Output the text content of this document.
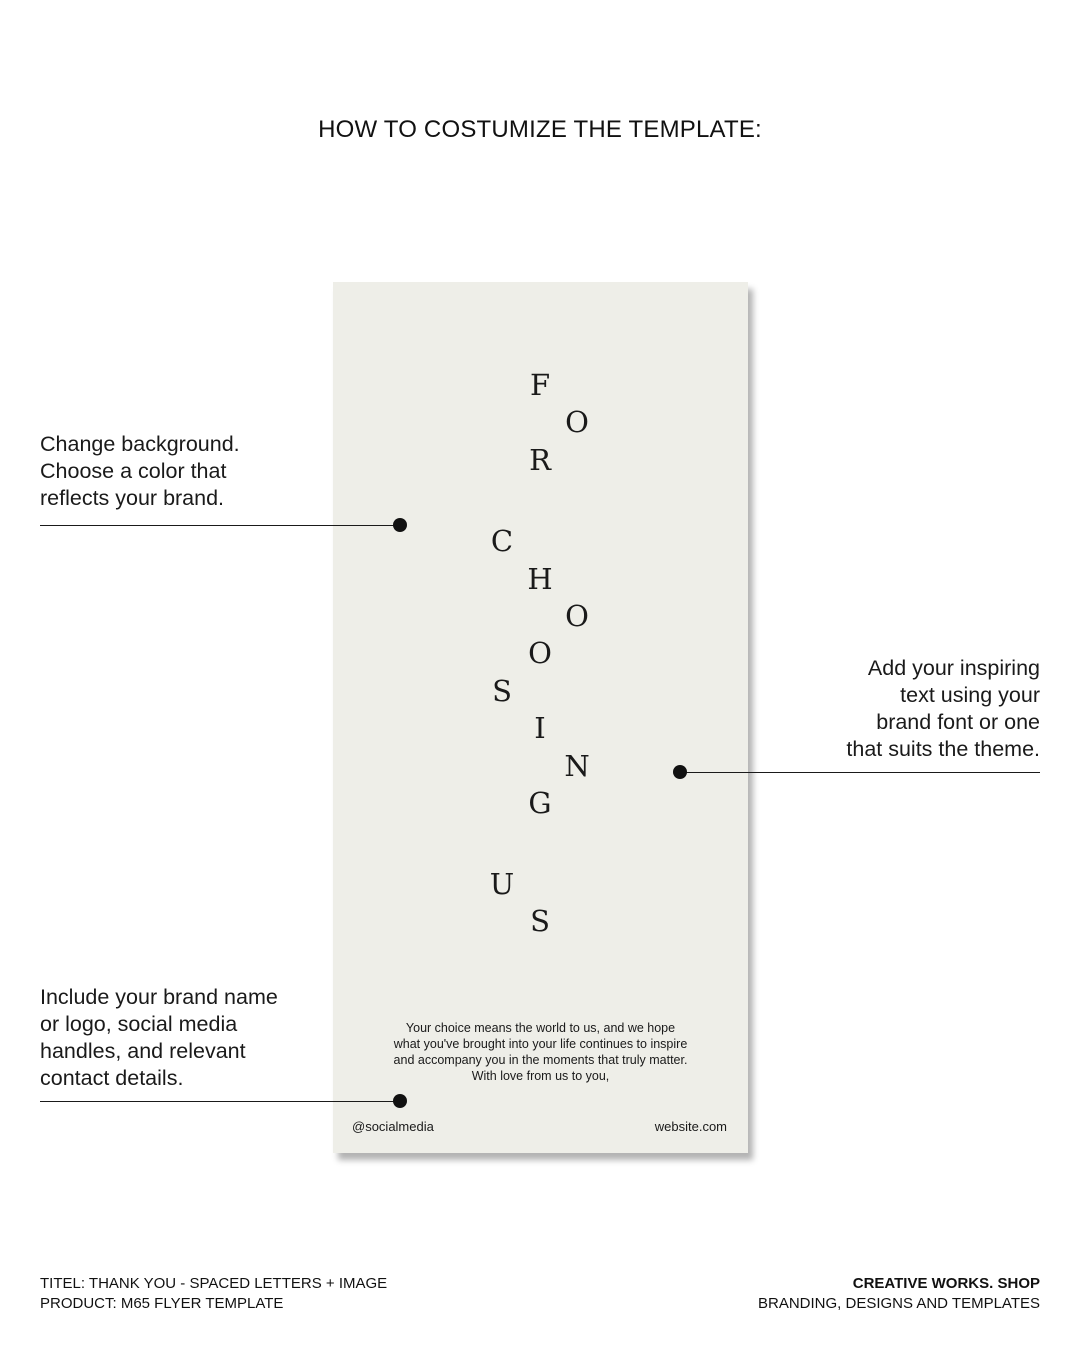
HOW TO COSTUMIZE THE TEMPLATE:
F
O
R
C
H
O
O
S
I
N
G
U
S
Your choice means the world to us, and we hope what you've brought into your life continues to inspire and accompany you in the moments that truly matter. With love from us to you,
@socialmedia	website.com
Change background.
Choose a color that
reflects your brand.
Add your inspiring
text using your
brand font or one
that suits the theme.
Include your brand name
or logo, social media
handles, and relevant
contact details.
TITEL: THANK YOU - SPACED LETTERS + IMAGE
PRODUCT: M65 FLYER TEMPLATE
CREATIVE WORKS. SHOP
BRANDING, DESIGNS AND TEMPLATES
